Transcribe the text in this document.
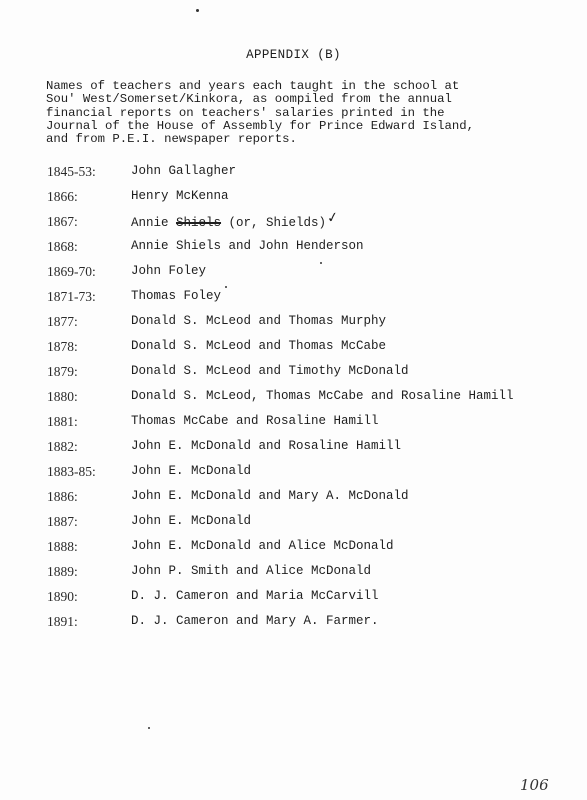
APPENDIX (B)
Names of teachers and years each taught in the school at
Sou' West/Somerset/Kinkora, as oompiled from the annual
financial reports on teachers' salaries printed in the
Journal of the House of Assembly for Prince Edward Island,
and from P.E.I. newspaper reports.
1845-53:	John Gallagher
1866:	Henry McKenna
1867:	Annie Shiels (or, Shields)✓
1868:	Annie Shiels and John Henderson
1869-70:	John Foley
1871-73:	Thomas Foley
1877:	Donald S. McLeod and Thomas Murphy
1878:	Donald S. McLeod and Thomas McCabe
1879:	Donald S. McLeod and Timothy McDonald
1880:	Donald S. McLeod, Thomas McCabe and Rosaline Hamill
1881:	Thomas McCabe and Rosaline Hamill
1882:	John E. McDonald and Rosaline Hamill
1883-85:	John E. McDonald
1886:	John E. McDonald and Mary A. McDonald
1887:	John E. McDonald
1888:	John E. McDonald and Alice McDonald
1889:	John P. Smith and Alice McDonald
1890:	D. J. Cameron and Maria McCarvill
1891:	D. J. Cameron and Mary A. Farmer.
106
